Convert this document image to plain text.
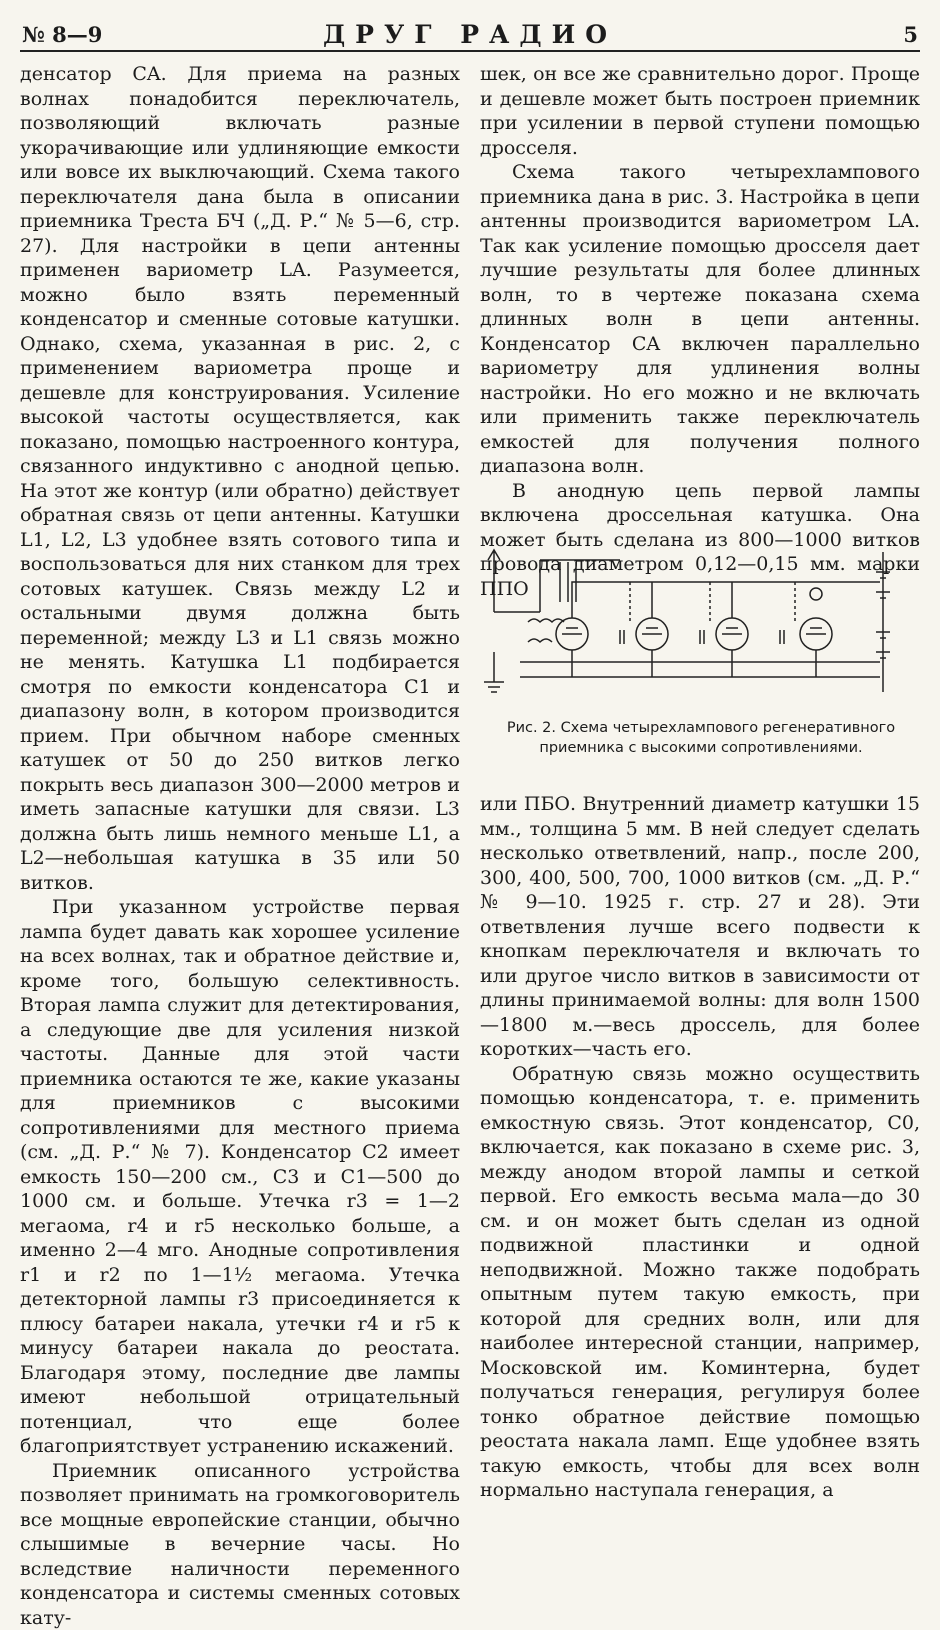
№ 8—9	ДРУГ РАДИО	5

денсатор CA. Для приема на разных волнах понадобится переключатель, позволяющий включать разные укорачивающие или удлиняющие емкости или вовсе их выключающий. Схема такого переключателя дана была в описании приемника Треста БЧ („Д. Р.“ № 5—6, стр. 27). Для настройки в цепи антенны применен вариометр LA. Разумеется, можно было взять переменный конденсатор и сменные сотовые катушки. Однако, схема, указанная в рис. 2, с применением вариометра проще и дешевле для конструирования. Усиление высокой частоты осуществляется, как показано, помощью настроенного контура, связанного индуктивно с анодной цепью. На этот же контур (или обратно) действует обратная связь от цепи антенны. Катушки L1, L2, L3 удобнее взять сотового типа и воспользоваться для них станком для трех сотовых катушек. Связь между L2 и остальными двумя должна быть переменной; между L3 и L1 связь можно не менять. Катушка L1 подбирается смотря по емкости конденсатора C1 и диапазону волн, в котором производится прием. При обычном наборе сменных катушек от 50 до 250 витков легко покрыть весь диапазон 300—2000 метров и иметь запасные катушки для связи. L3 должна быть лишь немного меньше L1, а L2—небольшая катушка в 35 или 50 витков.

При указанном устройстве первая лампа будет давать как хорошее усиление на всех волнах, так и обратное действие и, кроме того, большую селективность. Вторая лампа служит для детектирования, а следующие две для усиления низкой частоты. Данные для этой части приемника остаются те же, какие указаны для приемников с высокими сопротивлениями для местного приема (см. „Д. Р.“ № 7). Конденсатор C2 имеет емкость 150—200 см., C3 и C1—500 до 1000 см. и больше. Утечка r3 = 1—2 мегаома, r4 и r5 несколько больше, а именно 2—4 мгo. Анодные сопротивления r1 и r2 по 1—1½ мегаома. Утечка детекторной лампы r3 присоединяется к плюсу батареи накала, утечки r4 и r5 к минусу батареи накала до реостата. Благодаря этому, последние две лампы имеют небольшой отрицательный потенциал, что еще более благоприятствует устранению искажений.

Приемник описанного устройства позволяет принимать на громкоговоритель все мощные европейские станции, обычно слышимые в вечерние часы. Но вследствие наличности переменного конденсатора и системы сменных сотовых кату-

шек, он все же сравнительно дорог. Проще и дешевле может быть построен приемник при усилении в первой ступени помощью дросселя.

Схема такого четырехлампового приемника дана в рис. 3. Настройка в цепи антенны производится вариометром LA. Так как усиление помощью дросселя дает лучшие результаты для более длинных волн, то в чертеже показана схема длинных волн в цепи антенны. Конденсатор CA включен параллельно вариометру для удлинения волны настройки. Но его можно и не включать или применить также переключатель емкостей для получения полного диапазона волн.

В анодную цепь первой лампы включена дроссельная катушка. Она может быть сделана из 800—1000 витков провода диаметром 0,12—0,15 мм. марки ППО

Рис. 2. Схема четырехлампового регенеративного приемника с высокими сопротивлениями.

или ПБО. Внутренний диаметр катушки 15 мм., толщина 5 мм. В ней следует сделать несколько ответвлений, напр., после 200, 300, 400, 500, 700, 1000 витков (см. „Д. Р.“ № 9—10. 1925 г. стр. 27 и 28). Эти ответвления лучше всего подвести к кнопкам переключателя и включать то или другое число витков в зависимости от длины принимаемой волны: для волн 1500—1800 м.—весь дроссель, для более коротких—часть его.

Обратную связь можно осуществить помощью конденсатора, т. е. применить емкостную связь. Этот конденсатор, C0, включается, как показано в схеме рис. 3, между анодом второй лампы и сеткой первой. Его емкость весьма мала—до 30 см. и он может быть сделан из одной подвижной пластинки и одной неподвижной. Можно также подобрать опытным путем такую емкость, при которой для средних волн, или для наиболее интересной станции, например, Московской им. Коминтерна, будет получаться генерация, регулируя более тонко обратное действие помощью реостата накала ламп. Еще удобнее взять такую емкость, чтобы для всех волн нормально наступала генерация, а
